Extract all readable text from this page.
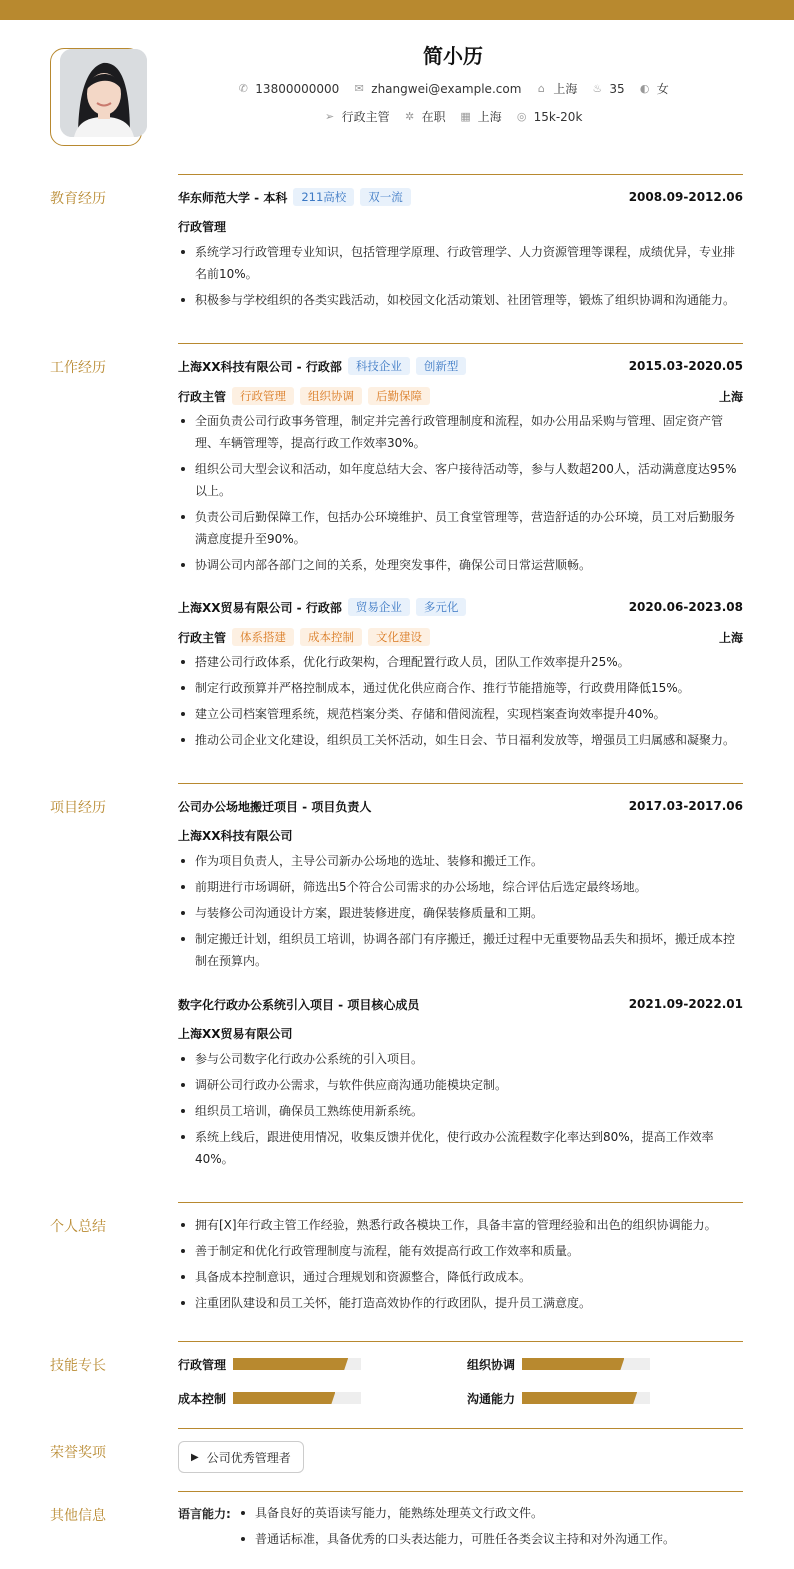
简小历
✆ 13800000000 ✉ zhangwei@example.com ⌂ 上海 ♨ 35 ◐ 女
➢ 行政主管 ✲ 在职 ▦ 上海 ◎ 15k-20k
教育经历	华东师范大学 - 本科	211高校	双一流	2008.09-2012.06
行政管理
系统学习行政管理专业知识，包括管理学原理、行政管理学、人力资源管理等课程，成绩优异，专业排名前10%。
积极参与学校组织的各类实践活动，如校园文化活动策划、社团管理等，锻炼了组织协调和沟通能力。
工作经历	上海XX科技有限公司 - 行政部	科技企业	创新型	2015.03-2020.05
行政主管	行政管理	组织协调	后勤保障	上海
全面负责公司行政事务管理，制定并完善行政管理制度和流程，如办公用品采购与管理、固定资产管理、车辆管理等，提高行政工作效率30%。
组织公司大型会议和活动，如年度总结大会、客户接待活动等，参与人数超200人，活动满意度达95%以上。
负责公司后勤保障工作，包括办公环境维护、员工食堂管理等，营造舒适的办公环境，员工对后勤服务满意度提升至90%。
协调公司内部各部门之间的关系，处理突发事件，确保公司日常运营顺畅。
上海XX贸易有限公司 - 行政部	贸易企业	多元化	2020.06-2023.08
行政主管	体系搭建	成本控制	文化建设	上海
搭建公司行政体系，优化行政架构，合理配置行政人员，团队工作效率提升25%。
制定行政预算并严格控制成本，通过优化供应商合作、推行节能措施等，行政费用降低15%。
建立公司档案管理系统，规范档案分类、存储和借阅流程，实现档案查询效率提升40%。
推动公司企业文化建设，组织员工关怀活动，如生日会、节日福利发放等，增强员工归属感和凝聚力。
项目经历	公司办公场地搬迁项目 - 项目负责人	2017.03-2017.06
上海XX科技有限公司
作为项目负责人，主导公司新办公场地的选址、装修和搬迁工作。
前期进行市场调研，筛选出5个符合公司需求的办公场地，综合评估后选定最终场地。
与装修公司沟通设计方案，跟进装修进度，确保装修质量和工期。
制定搬迁计划，组织员工培训，协调各部门有序搬迁，搬迁过程中无重要物品丢失和损坏，搬迁成本控制在预算内。
数字化行政办公系统引入项目 - 项目核心成员	2021.09-2022.01
上海XX贸易有限公司
参与公司数字化行政办公系统的引入项目。
调研公司行政办公需求，与软件供应商沟通功能模块定制。
组织员工培训，确保员工熟练使用新系统。
系统上线后，跟进使用情况，收集反馈并优化，使行政办公流程数字化率达到80%，提高工作效率40%。
个人总结	拥有[X]年行政主管工作经验，熟悉行政各模块工作，具备丰富的管理经验和出色的组织协调能力。
善于制定和优化行政管理制度与流程，能有效提高行政工作效率和质量。
具备成本控制意识，通过合理规划和资源整合，降低行政成本。
注重团队建设和员工关怀，能打造高效协作的行政团队，提升员工满意度。
技能专长	行政管理	组织协调
成本控制	沟通能力
荣誉奖项	▶ 公司优秀管理者
其他信息	语言能力:	具备良好的英语读写能力，能熟练处理英文行政文件。
普通话标准，具备优秀的口头表达能力，可胜任各类会议主持和对外沟通工作。
